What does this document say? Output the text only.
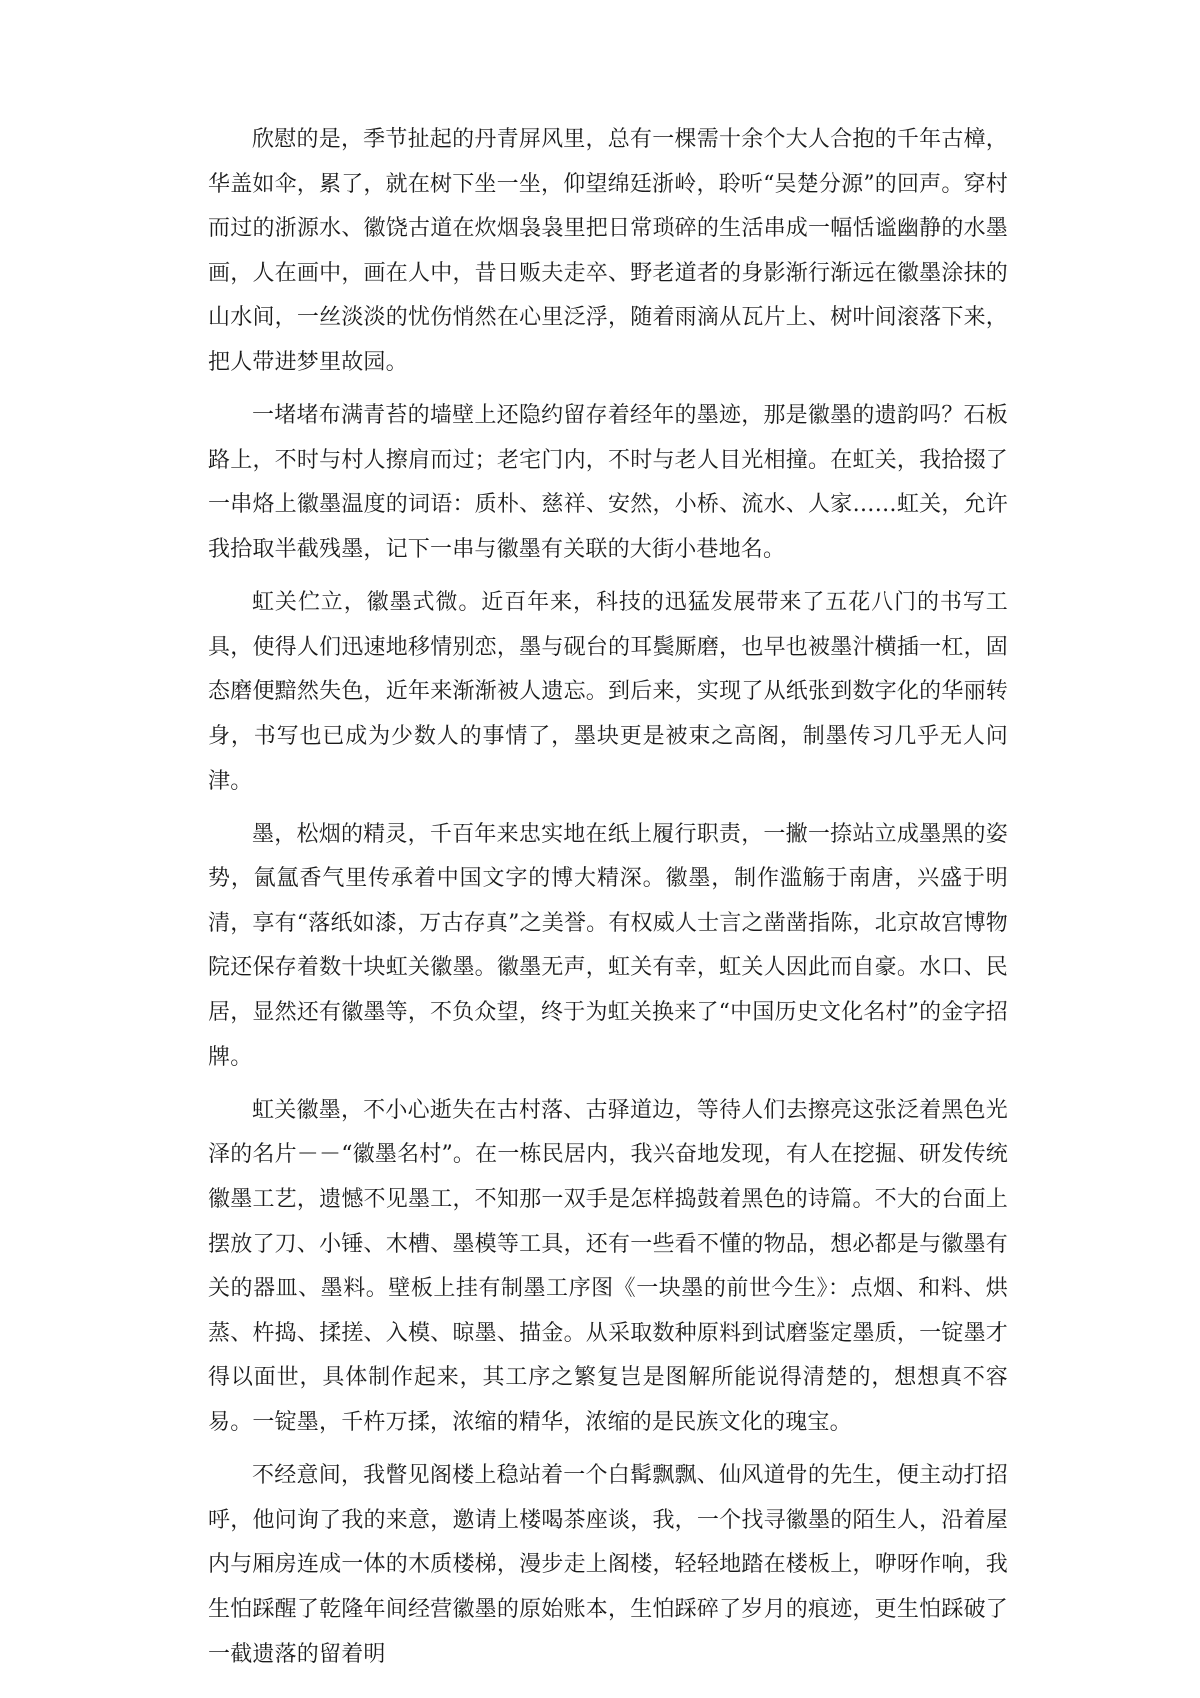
欣慰的是，季节扯起的丹青屏风里，总有一棵需十余个大人合抱的千年古樟，华盖如伞，累了，就在树下坐一坐，仰望绵廷浙岭，聆听“吴楚分源”的回声。穿村而过的浙源水、徽饶古道在炊烟袅袅里把日常琐碎的生活串成一幅恬谧幽静的水墨画，人在画中，画在人中，昔日贩夫走卒、野老道者的身影渐行渐远在徽墨涂抹的山水间，一丝淡淡的忧伤悄然在心里泛浮，随着雨滴从瓦片上、树叶间滚落下来，把人带进梦里故园。

一堵堵布满青苔的墙壁上还隐约留存着经年的墨迹，那是徽墨的遗韵吗？石板路上，不时与村人擦肩而过；老宅门内，不时与老人目光相撞。在虹关，我拾掇了一串烙上徽墨温度的词语：质朴、慈祥、安然，小桥、流水、人家……虹关，允许我拾取半截残墨，记下一串与徽墨有关联的大街小巷地名。

虹关伫立，徽墨式微。近百年来，科技的迅猛发展带来了五花八门的书写工具，使得人们迅速地移情别恋，墨与砚台的耳鬓厮磨，也早也被墨汁横插一杠，固态磨便黯然失色，近年来渐渐被人遗忘。到后来，实现了从纸张到数字化的华丽转身，书写也已成为少数人的事情了，墨块更是被束之高阁，制墨传习几乎无人问津。

墨，松烟的精灵，千百年来忠实地在纸上履行职责，一撇一捺站立成墨黑的姿势，氤氲香气里传承着中国文字的博大精深。徽墨，制作滥觞于南唐，兴盛于明清，享有“落纸如漆，万古存真”之美誉。有权威人士言之凿凿指陈，北京故宫博物院还保存着数十块虹关徽墨。徽墨无声，虹关有幸，虹关人因此而自豪。水口、民居，显然还有徽墨等，不负众望，终于为虹关换来了“中国历史文化名村”的金字招牌。

虹关徽墨，不小心逝失在古村落、古驿道边，等待人们去擦亮这张泛着黑色光泽的名片－－“徽墨名村”。在一栋民居内，我兴奋地发现，有人在挖掘、研发传统徽墨工艺，遗憾不见墨工，不知那一双手是怎样捣鼓着黑色的诗篇。不大的台面上摆放了刀、小锤、木槽、墨模等工具，还有一些看不懂的物品，想必都是与徽墨有关的器皿、墨料。壁板上挂有制墨工序图《一块墨的前世今生》：点烟、和料、烘蒸、杵捣、揉搓、入模、晾墨、描金。从采取数种原料到试磨鉴定墨质，一锭墨才得以面世，具体制作起来，其工序之繁复岂是图解所能说得清楚的，想想真不容易。一锭墨，千杵万揉，浓缩的精华，浓缩的是民族文化的瑰宝。

不经意间，我瞥见阁楼上稳站着一个白髯飘飘、仙风道骨的先生，便主动打招呼，他问询了我的来意，邀请上楼喝茶座谈，我，一个找寻徽墨的陌生人，沿着屋内与厢房连成一体的木质楼梯，漫步走上阁楼，轻轻地踏在楼板上，咿呀作响，我生怕踩醒了乾隆年间经营徽墨的原始账本，生怕踩碎了岁月的痕迹，更生怕踩破了一截遗落的留着明
